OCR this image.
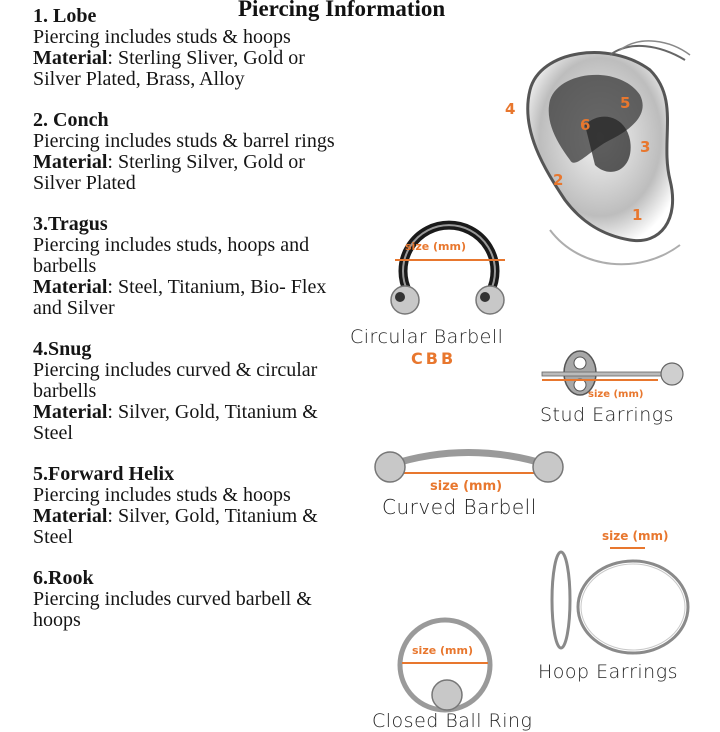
Piercing Information
1. Lobe
Piercing includes studs & hoops
Material: Sterling Sliver, Gold or Silver Plated, Brass, Alloy
2. Conch
Piercing includes studs & barrel rings
Material: Sterling Silver, Gold or Silver Plated
3.Tragus
Piercing includes studs, hoops and barbells
Material: Steel, Titanium, Bio- Flex and Silver
4.Snug
Piercing includes curved & circular barbells
Material: Silver, Gold, Titanium & Steel
5.Forward Helix
Piercing includes studs & hoops
Material: Silver, Gold, Titanium & Steel
6.Rook
Piercing includes curved barbell & hoops
1
2
3
4	5
6
size (mm)
Circular Barbell
CBB
size (mm)
Stud Earrings
size (mm)
Curved Barbell
size (mm)
Hoop Earrings
size (mm)
Closed Ball Ring
